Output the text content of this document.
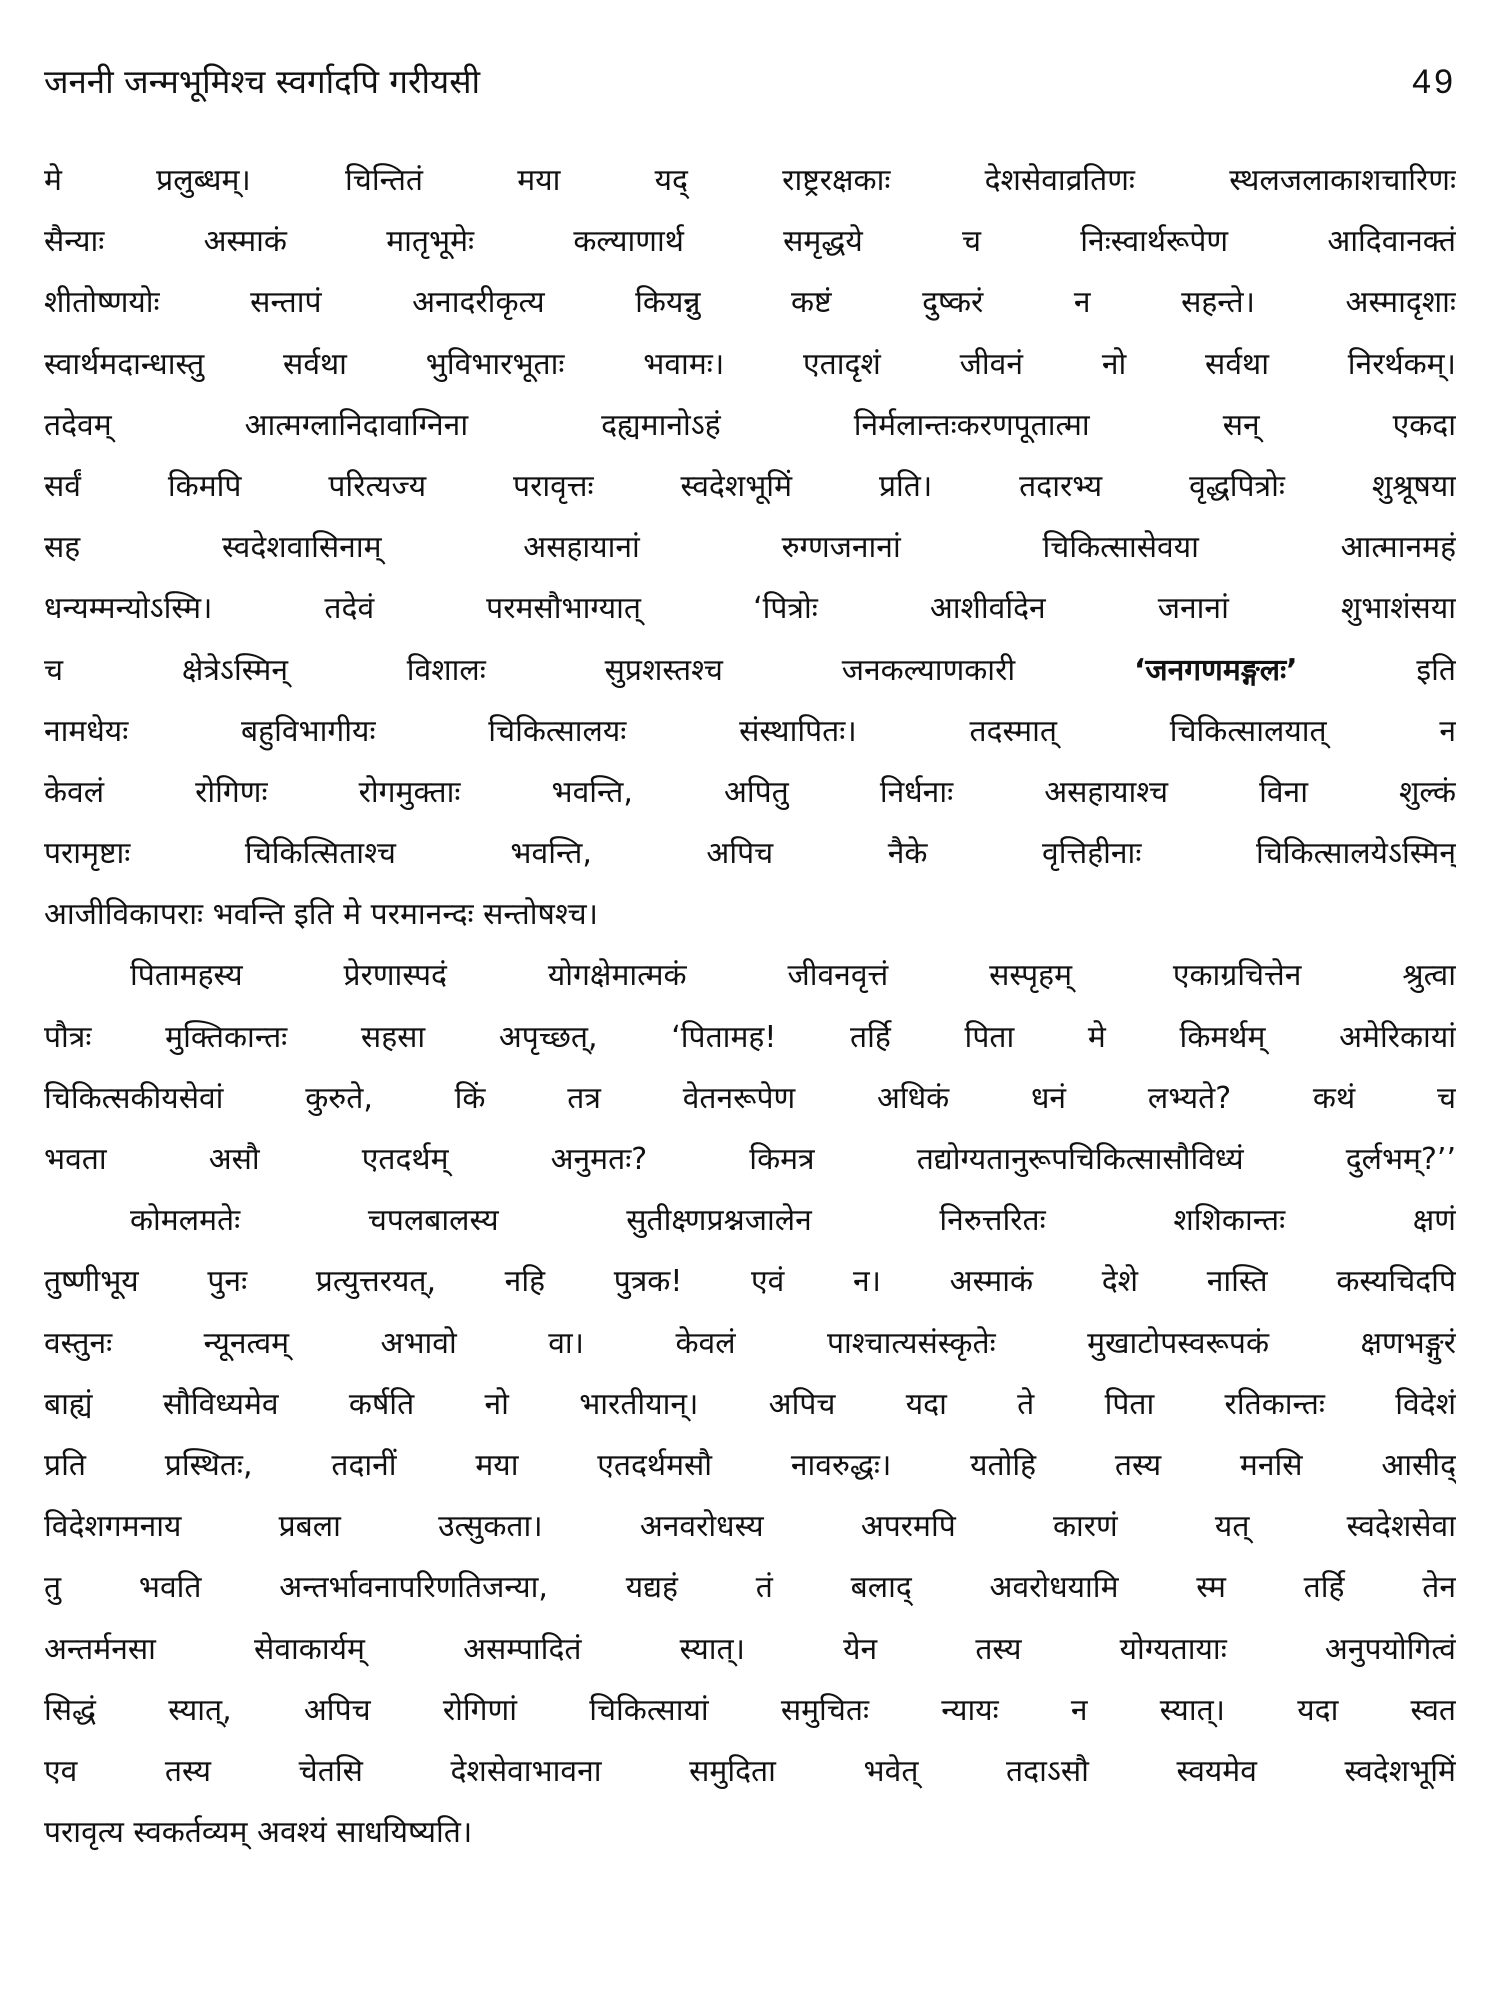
जननी जन्मभूमिश्च स्वर्गादपि गरीयसी	49
मे प्रलुब्धम्। चिन्तितं मया यद् राष्ट्ररक्षकाः देशसेवाव्रतिणः स्थलजलाकाशचारिणः
सैन्याः अस्माकं मातृभूमेः कल्याणार्थ समृद्धये च निःस्वार्थरूपेण आदिवानक्तं
शीतोष्णयोः सन्तापं अनादरीकृत्य कियन्नु कष्टं दुष्करं न सहन्ते। अस्मादृशाः
स्वार्थमदान्धास्तु सर्वथा भुविभारभूताः भवामः। एतादृशं जीवनं नो सर्वथा निरर्थकम्।
तदेवम् आत्मग्लानिदावाग्निना दह्यमानोऽहं निर्मलान्तःकरणपूतात्मा सन् एकदा
सर्वं किमपि परित्यज्य परावृत्तः स्वदेशभूमिं प्रति। तदारभ्य वृद्धपित्रोः शुश्रूषया
सह स्वदेशवासिनाम् असहायानां रुग्णजनानां चिकित्सासेवया आत्मानमहं
धन्यम्मन्योऽस्मि। तदेवं परमसौभाग्यात् ‘पित्रोः आशीर्वादेन जनानां शुभाशंसया
च क्षेत्रेऽस्मिन् विशालः सुप्रशस्तश्च जनकल्याणकारी	‘जनगणमङ्गलः’	इति
नामधेयः बहुविभागीयः चिकित्सालयः संस्थापितः। तदस्मात् चिकित्सालयात् न
केवलं रोगिणः रोगमुक्ताः भवन्ति, अपितु निर्धनाः असहायाश्च विना शुल्कं
परामृष्टाः चिकित्सिताश्च भवन्ति, अपिच नैके वृत्तिहीनाः चिकित्सालयेऽस्मिन्
आजीविकापराः भवन्ति इति मे परमानन्दः सन्तोषश्च।
पितामहस्य प्रेरणास्पदं योगक्षेमात्मकं जीवनवृत्तं सस्पृहम् एकाग्रचित्तेन श्रुत्वा
पौत्रः मुक्तिकान्तः सहसा अपृच्छत्, ‘पितामह! तर्हि पिता मे किमर्थम् अमेरिकायां
चिकित्सकीयसेवां कुरुते, किं तत्र वेतनरूपेण अधिकं धनं लभ्यते? कथं च
भवता असौ एतदर्थम् अनुमतः? किमत्र तद्योग्यतानुरूपचिकित्सासौविध्यं दुर्लभम्?’’
कोमलमतेः चपलबालस्य सुतीक्ष्णप्रश्नजालेन निरुत्तरितः शशिकान्तः क्षणं
तुष्णीभूय पुनः प्रत्युत्तरयत्, नहि पुत्रक! एवं न। अस्माकं देशे नास्ति कस्यचिदपि
वस्तुनः न्यूनत्वम् अभावो वा। केवलं पाश्चात्यसंस्कृतेः मुखाटोपस्वरूपकं क्षणभङ्गुरं
बाह्यं सौविध्यमेव कर्षति नो भारतीयान्। अपिच यदा ते पिता रतिकान्तः विदेशं
प्रति प्रस्थितः, तदानीं मया एतदर्थमसौ नावरुद्धः। यतोहि तस्य मनसि आसीद्
विदेशगमनाय प्रबला उत्सुकता। अनवरोधस्य अपरमपि कारणं यत् स्वदेशसेवा
तु भवति अन्तर्भावनापरिणतिजन्या, यद्यहं तं बलाद् अवरोधयामि स्म तर्हि तेन
अन्तर्मनसा सेवाकार्यम् असम्पादितं स्यात्। येन तस्य योग्यतायाः अनुपयोगित्वं
सिद्धं स्यात्, अपिच रोगिणां चिकित्सायां समुचितः न्यायः न स्यात्। यदा स्वत
एव तस्य चेतसि देशसेवाभावना समुदिता भवेत् तदाऽसौ स्वयमेव स्वदेशभूमिं
परावृत्य स्वकर्तव्यम् अवश्यं साधयिष्यति।
